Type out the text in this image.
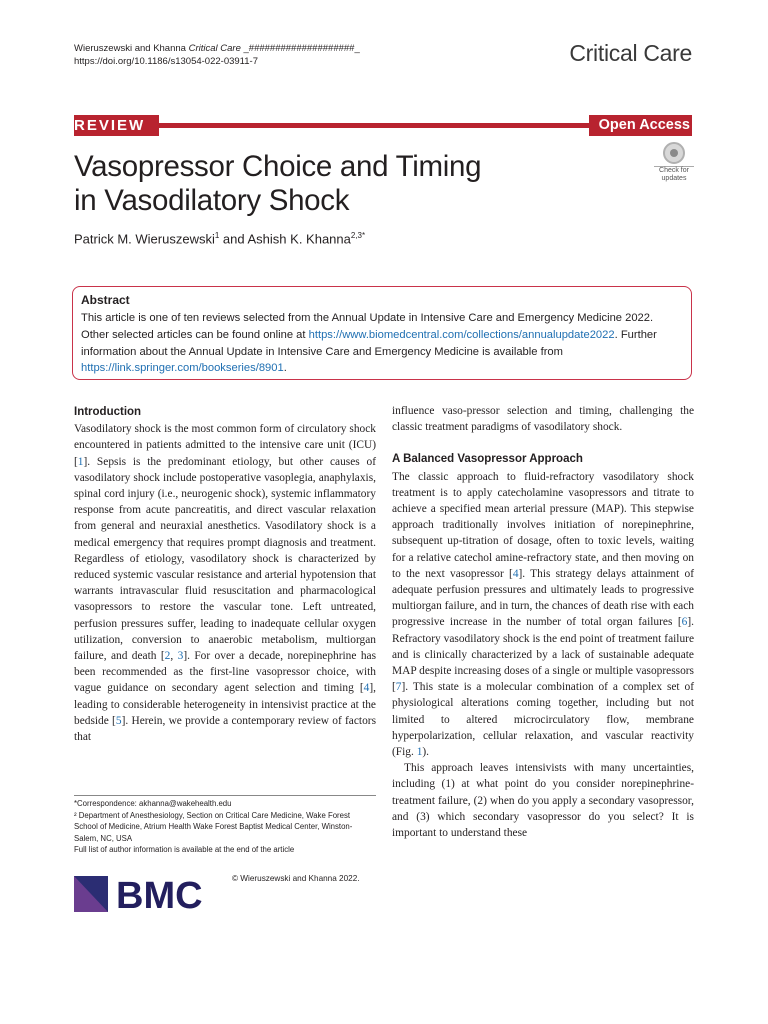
Wieruszewski and Khanna Critical Care _####################_
https://doi.org/10.1186/s13054-022-03911-7	Critical Care
REVIEW	Open Access
Check for updates
Vasopressor Choice and Timing
in Vasodilatory Shock
Patrick M. Wieruszewski$^1$ and Ashish K. Khanna$^{2,3*}$
Abstract
This article is one of ten reviews selected from the Annual Update in Intensive Care and Emergency Medicine 2022. Other selected articles can be found online at https://www.biomedcentral.com/collections/annualupdate2022. Further information about the Annual Update in Intensive Care and Emergency Medicine is available from https://link.springer.com/bookseries/8901.
Introduction

Vasodilatory shock is the most common form of circulatory shock encountered in patients admitted to the intensive care unit (ICU) [1]. Sepsis is the predominant etiology, but other causes of vasodilatory shock include postoperative vasoplegia, anaphylaxis, spinal cord injury (i.e., neurogenic shock), systemic inflammatory response from acute pancreatitis, and direct vascular relaxation from general and neuraxial anesthetics. Vasodilatory shock is a medical emergency that requires prompt diagnosis and treatment. Regardless of etiology, vasodilatory shock is characterized by reduced systemic vascular resistance and arterial hypotension that warrants intravascular fluid resuscitation and pharmacological vasopressors to restore the vascular tone. Left untreated, perfusion pressures suffer, leading to inadequate cellular oxygen utilization, conversion to anaerobic metabolism, multiorgan failure, and death [2, 3]. For over a decade, norepinephrine has been recommended as the first-line vasopressor choice, with vague guidance on secondary agent selection and timing [4], leading to considerable heterogeneity in intensivist practice at the bedside [5]. Herein, we provide a contemporary review of factors that

influence vaso-pressor selection and timing, challenging the classic treatment paradigms of vasodilatory shock.

A Balanced Vasopressor Approach

The classic approach to fluid-refractory vasodilatory shock treatment is to apply catecholamine vasopressors and titrate to achieve a specified mean arterial pressure (MAP). This stepwise approach traditionally involves initiation of norepinephrine, subsequent up-titration of dosage, often to toxic levels, waiting for a relative catechol amine-refractory state, and then moving on to the next vasopressor [4]. This strategy delays attainment of adequate perfusion pressures and ultimately leads to progressive multiorgan failure, and in turn, the chances of death rise with each progressive increase in the number of total organ failures [6]. Refractory vasodilatory shock is the end point of treatment failure and is clinically characterized by a lack of sustainable adequate MAP despite increasing doses of a single or multiple vasopressors [7]. This state is a molecular combination of a complex set of physiological alterations coming together, including but not limited to altered microcirculatory flow, membrane hyperpolarization, cellular relaxation, and vascular reactivity (Fig. 1).

This approach leaves intensivists with many uncertainties, including (1) at what point do you consider norepinephrine-treatment failure, (2) when do you apply a secondary vasopressor, and (3) which secondary vasopressor do you select? It is important to understand these

*Correspondence: akhanna@wakehealth.edu
² Department of Anesthesiology, Section on Critical Care Medicine, Wake Forest School of Medicine, Atrium Health Wake Forest Baptist Medical Center, Winston-Salem, NC, USA
Full list of author information is available at the end of the article
BMC	© Wieruszewski and Khanna 2022.
